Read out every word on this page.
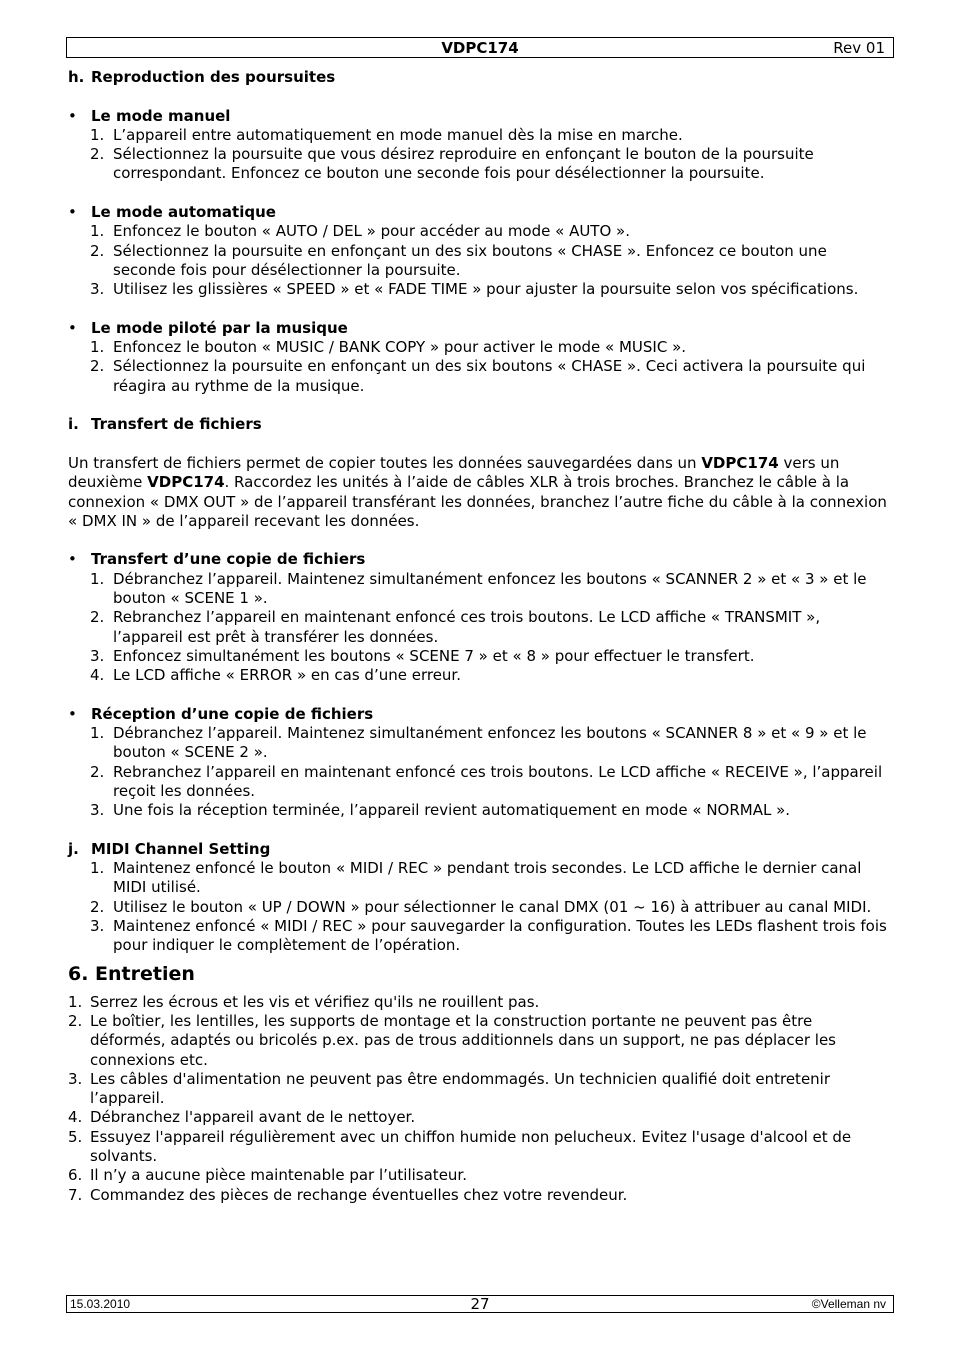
VDPC174	Rev 01
h. Reproduction des poursuites
• Le mode manuel
1. L’appareil entre automatiquement en mode manuel dès la mise en marche.
2. Sélectionnez la poursuite que vous désirez reproduire en enfonçant le bouton de la poursuite correspondant. Enfoncez ce bouton une seconde fois pour désélectionner la poursuite.
• Le mode automatique
1. Enfoncez le bouton « AUTO / DEL » pour accéder au mode « AUTO ».
2. Sélectionnez la poursuite en enfonçant un des six boutons « CHASE ». Enfoncez ce bouton une seconde fois pour désélectionner la poursuite.
3. Utilisez les glissières « SPEED » et « FADE TIME » pour ajuster la poursuite selon vos spécifications.
• Le mode piloté par la musique
1. Enfoncez le bouton « MUSIC / BANK COPY » pour activer le mode « MUSIC ».
2. Sélectionnez la poursuite en enfonçant un des six boutons « CHASE ». Ceci activera la poursuite qui réagira au rythme de la musique.
i. Transfert de fichiers

Un transfert de fichiers permet de copier toutes les données sauvegardées dans un VDPC174 vers un deuxième VDPC174. Raccordez les unités à l’aide de câbles XLR à trois broches. Branchez le câble à la connexion « DMX OUT » de l’appareil transférant les données, branchez l’autre fiche du câble à la connexion « DMX IN » de l’appareil recevant les données.

• Transfert d’une copie de fichiers
1. Débranchez l’appareil. Maintenez simultanément enfoncez les boutons « SCANNER 2 » et « 3 » et le bouton « SCENE 1 ».
2. Rebranchez l’appareil en maintenant enfoncé ces trois boutons. Le LCD affiche « TRANSMIT », l’appareil est prêt à transférer les données.
3. Enfoncez simultanément les boutons « SCENE 7 » et « 8 » pour effectuer le transfert.
4. Le LCD affiche « ERROR » en cas d’une erreur.
• Réception d’une copie de fichiers
1. Débranchez l’appareil. Maintenez simultanément enfoncez les boutons « SCANNER 8 » et « 9 » et le bouton « SCENE 2 ».
2. Rebranchez l’appareil en maintenant enfoncé ces trois boutons. Le LCD affiche « RECEIVE », l’appareil reçoit les données.
3. Une fois la réception terminée, l’appareil revient automatiquement en mode « NORMAL ».
j. MIDI Channel Setting
1. Maintenez enfoncé le bouton « MIDI / REC » pendant trois secondes. Le LCD affiche le dernier canal MIDI utilisé.
2. Utilisez le bouton « UP / DOWN » pour sélectionner le canal DMX (01 ~ 16) à attribuer au canal MIDI.
3. Maintenez enfoncé « MIDI / REC » pour sauvegarder la configuration. Toutes les LEDs flashent trois fois pour indiquer le complètement de l’opération.
6. Entretien
1. Serrez les écrous et les vis et vérifiez qu'ils ne rouillent pas.
2. Le boîtier, les lentilles, les supports de montage et la construction portante ne peuvent pas être déformés, adaptés ou bricolés p.ex. pas de trous additionnels dans un support, ne pas déplacer les connexions etc.
3. Les câbles d'alimentation ne peuvent pas être endommagés. Un technicien qualifié doit entretenir l’appareil.
4. Débranchez l'appareil avant de le nettoyer.
5. Essuyez l'appareil régulièrement avec un chiffon humide non pelucheux. Evitez l'usage d'alcool et de solvants.
6. Il n’y a aucune pièce maintenable par l’utilisateur.
7. Commandez des pièces de rechange éventuelles chez votre revendeur.
15.03.2010	27	©Velleman nv
